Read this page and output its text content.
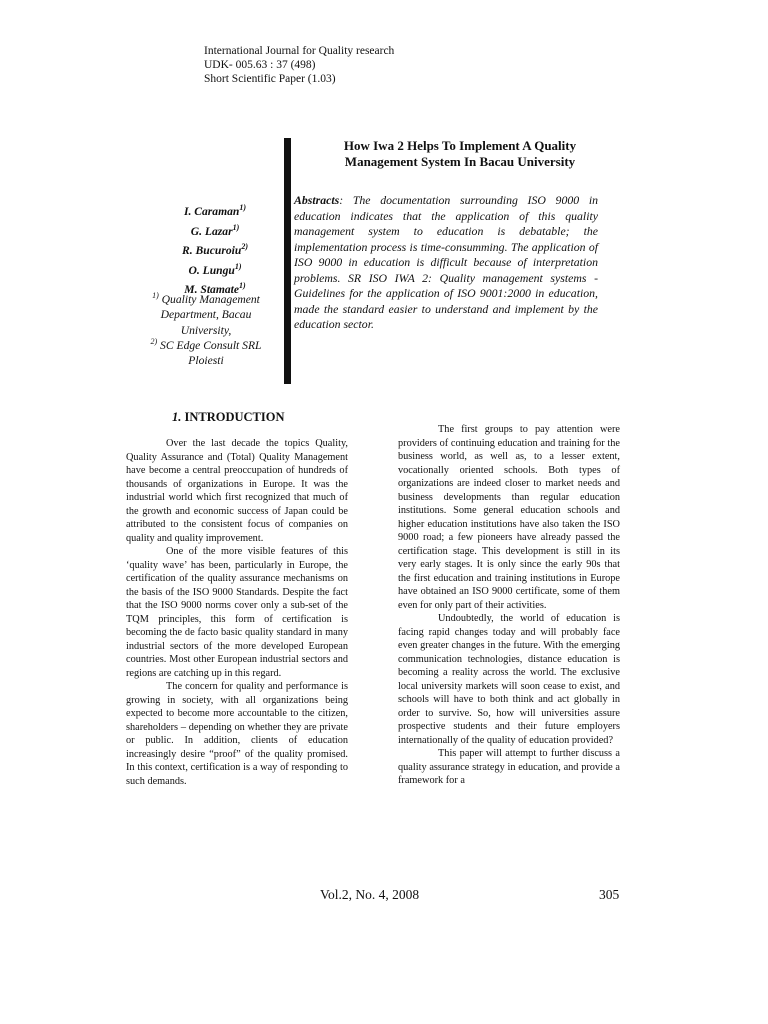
International Journal for Quality research
UDK- 005.63 : 37 (498)
Short Scientific Paper (1.03)
How Iwa 2 Helps To Implement A Quality
Management System In Bacau University
Abstracts: The documentation surrounding ISO 9000 in education indicates that the application of this quality management system to education is debatable; the implementation process is time-consumming. The application of ISO 9000 in education is difficult because of interpretation problems. SR ISO IWA 2: Quality management systems - Guidelines for the application of ISO 9001:2000 in education, made the standard easier to understand and implement by the education sector.
I. Caraman$^{1)}$
G. Lazar$^{1)}$
R. Bucuroiu$^{2)}$
O. Lungu$^{1)}$
M. Stamate$^{1)}$
$^{1)}$ Quality Management Department, Bacau University,
$^{2)}$ SC Edge Consult SRL Ploiesti
1. INTRODUCTION

Over the last decade the topics Quality, Quality Assurance and (Total) Quality Management have become a central preoccupation of hundreds of thousands of organizations in Europe. It was the industrial world which first recognized that much of the growth and economic success of Japan could be attributed to the consistent focus of companies on quality and quality improvement.

One of the more visible features of this ‘quality wave’ has been, particularly in Europe, the certification of the quality assurance mechanisms on the basis of the ISO 9000 Standards. Despite the fact that the ISO 9000 norms cover only a sub-set of the TQM principles, this form of certification is becoming the de facto basic quality standard in many industrial sectors of the more developed European countries. Most other European industrial sectors and regions are catching up in this regard.

The concern for quality and performance is growing in society, with all organizations being expected to become more accountable to the citizen, shareholders – depending on whether they are private or public. In addition, clients of education increasingly desire “proof” of the quality promised. In this context, certification is a way of responding to such demands.

The first groups to pay attention were providers of continuing education and training for the business world, as well as, to a lesser extent, vocationally oriented schools. Both types of organizations are indeed closer to market needs and business developments than regular education institutions. Some general education schools and higher education institutions have also taken the ISO 9000 road; a few pioneers have already passed the certification stage. This development is still in its very early stages. It is only since the early 90s that the first education and training institutions in Europe have obtained an ISO 9000 certificate, some of them even for only part of their activities.

Undoubtedly, the world of education is facing rapid changes today and will probably face even greater changes in the future. With the emerging communication technologies, distance education is becoming a reality across the world. The exclusive local university markets will soon cease to exist, and schools will have to both think and act globally in order to survive. So, how will universities assure prospective students and their future employers internationally of the quality of education provided?

This paper will attempt to further discuss a quality assurance strategy in education, and provide a framework for a

Vol.2, No. 4, 2008	305
